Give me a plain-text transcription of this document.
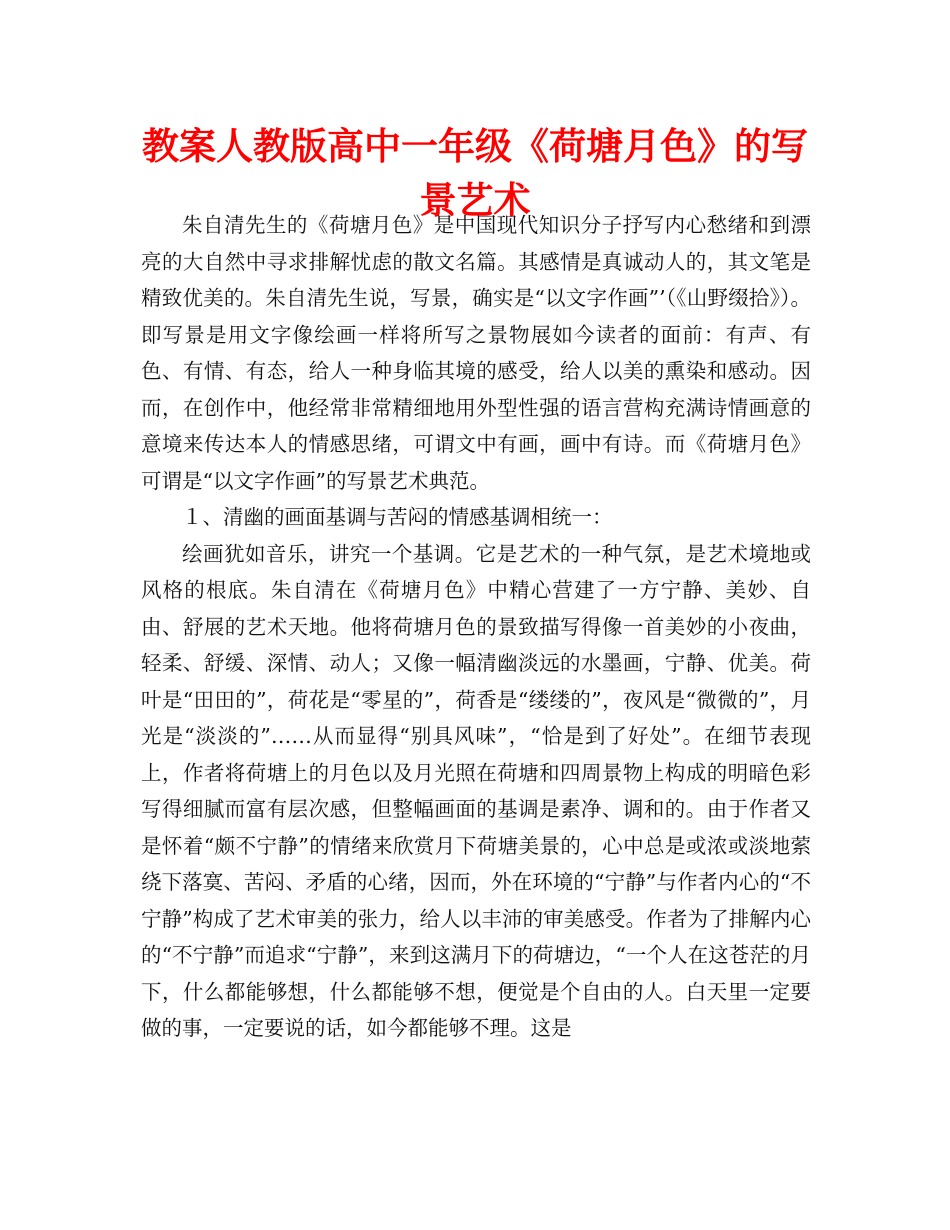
教案人教版高中一年级《荷塘月色》的写景艺术

朱自清先生的《荷塘月色》是中国现代知识分子抒写内心愁绪和到漂亮的大自然中寻求排解忧虑的散文名篇。其感情是真诚动人的，其文笔是精致优美的。朱自清先生说，写景，确实是“以文字作画”’（《山野缀拾》）。即写景是用文字像绘画一样将所写之景物展如今读者的面前：有声、有色、有情、有态，给人一种身临其境的感受，给人以美的熏染和感动。因而，在创作中，他经常非常精细地用外型性强的语言营构充满诗情画意的意境来传达本人的情感思绪，可谓文中有画，画中有诗。而《荷塘月色》可谓是“以文字作画”的写景艺术典范。

１、清幽的画面基调与苦闷的情感基调相统一：

绘画犹如音乐，讲究一个基调。它是艺术的一种气氛，是艺术境地或风格的根底。朱自清在《荷塘月色》中精心营建了一方宁静、美妙、自由、舒展的艺术天地。他将荷塘月色的景致描写得像一首美妙的小夜曲，轻柔、舒缓、深情、动人；又像一幅清幽淡远的水墨画，宁静、优美。荷叶是“田田的”，荷花是“零星的”，荷香是“缕缕的”，夜风是“微微的”，月光是“淡淡的”……从而显得“别具风味”，“恰是到了好处”。在细节表现上，作者将荷塘上的月色以及月光照在荷塘和四周景物上构成的明暗色彩写得细腻而富有层次感，但整幅画面的基调是素净、调和的。由于作者又是怀着“颇不宁静”的情绪来欣赏月下荷塘美景的，心中总是或浓或淡地萦绕下落寞、苦闷、矛盾的心绪，因而，外在环境的“宁静”与作者内心的“不宁静”构成了艺术审美的张力，给人以丰沛的审美感受。作者为了排解内心的“不宁静”而追求“宁静”，来到这满月下的荷塘边，“一个人在这苍茫的月下，什么都能够想，什么都能够不想，便觉是个自由的人。白天里一定要做的事，一定要说的话，如今都能够不理。这是
